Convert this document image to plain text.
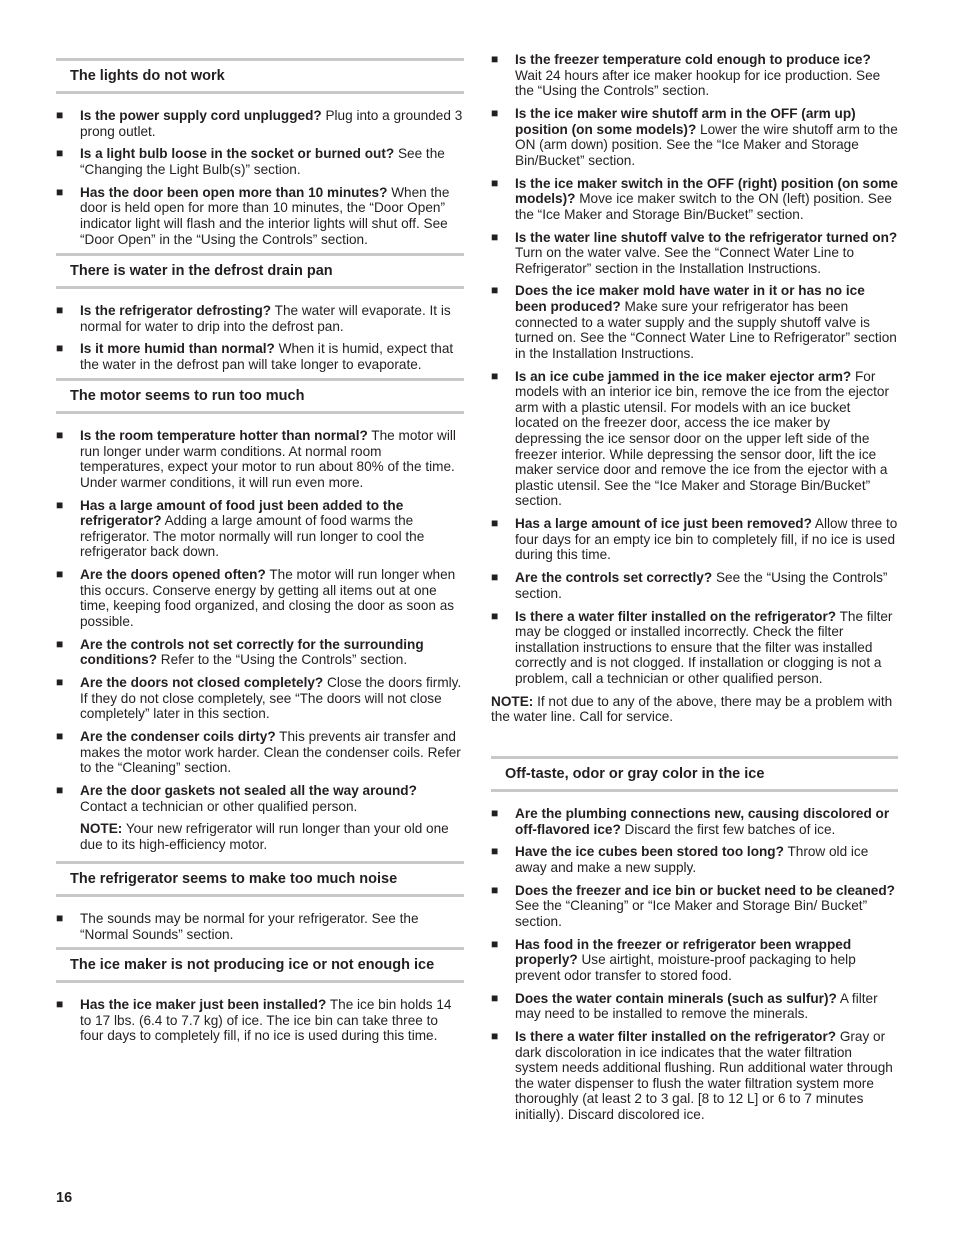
The lights do not work
■	Is the power supply cord unplugged? Plug into a grounded 3 prong outlet.
■	Is a light bulb loose in the socket or burned out? See the “Changing the Light Bulb(s)” section.
■	Has the door been open more than 10 minutes? When the door is held open for more than 10 minutes, the “Door Open” indicator light will flash and the interior lights will shut off. See “Door Open” in the “Using the Controls” section.
There is water in the defrost drain pan
■	Is the refrigerator defrosting? The water will evaporate. It is normal for water to drip into the defrost pan.
■	Is it more humid than normal? When it is humid, expect that the water in the defrost pan will take longer to evaporate.
The motor seems to run too much
■	Is the room temperature hotter than normal? The motor will run longer under warm conditions. At normal room temperatures, expect your motor to run about 80% of the time. Under warmer conditions, it will run even more.
■	Has a large amount of food just been added to the refrigerator? Adding a large amount of food warms the refrigerator. The motor normally will run longer to cool the refrigerator back down.
■	Are the doors opened often? The motor will run longer when this occurs. Conserve energy by getting all items out at one time, keeping food organized, and closing the door as soon as possible.
■	Are the controls not set correctly for the surrounding conditions? Refer to the “Using the Controls” section.
■	Are the doors not closed completely? Close the doors firmly. If they do not close completely, see “The doors will not close completely” later in this section.
■	Are the condenser coils dirty? This prevents air transfer and makes the motor work harder. Clean the condenser coils. Refer to the “Cleaning” section.
■	Are the door gaskets not sealed all the way around? Contact a technician or other qualified person.
NOTE: Your new refrigerator will run longer than your old one due to its high-efficiency motor.
The refrigerator seems to make too much noise
■	The sounds may be normal for your refrigerator. See the “Normal Sounds” section.
The ice maker is not producing ice or not enough ice
■	Has the ice maker just been installed? The ice bin holds 14 to 17 lbs. (6.4 to 7.7 kg) of ice. The ice bin can take three to four days to completely fill, if no ice is used during this time.
■	Is the freezer temperature cold enough to produce ice? Wait 24 hours after ice maker hookup for ice production. See the “Using the Controls” section.
■	Is the ice maker wire shutoff arm in the OFF (arm up) position (on some models)? Lower the wire shutoff arm to the ON (arm down) position. See the “Ice Maker and Storage Bin/Bucket” section.
■	Is the ice maker switch in the OFF (right) position (on some models)? Move ice maker switch to the ON (left) position. See the “Ice Maker and Storage Bin/Bucket” section.
■	Is the water line shutoff valve to the refrigerator turned on? Turn on the water valve. See the “Connect Water Line to Refrigerator” section in the Installation Instructions.
■	Does the ice maker mold have water in it or has no ice been produced? Make sure your refrigerator has been connected to a water supply and the supply shutoff valve is turned on. See the “Connect Water Line to Refrigerator” section in the Installation Instructions.
■	Is an ice cube jammed in the ice maker ejector arm? For models with an interior ice bin, remove the ice from the ejector arm with a plastic utensil. For models with an ice bucket located on the freezer door, access the ice maker by depressing the ice sensor door on the upper left side of the freezer interior. While depressing the sensor door, lift the ice maker service door and remove the ice from the ejector with a plastic utensil. See the “Ice Maker and Storage Bin/Bucket” section.
■	Has a large amount of ice just been removed? Allow three to four days for an empty ice bin to completely fill, if no ice is used during this time.
■	Are the controls set correctly? See the “Using the Controls” section.
■	Is there a water filter installed on the refrigerator? The filter may be clogged or installed incorrectly. Check the filter installation instructions to ensure that the filter was installed correctly and is not clogged. If installation or clogging is not a problem, call a technician or other qualified person.
NOTE: If not due to any of the above, there may be a problem with the water line. Call for service.
Off-taste, odor or gray color in the ice
■	Are the plumbing connections new, causing discolored or off-flavored ice? Discard the first few batches of ice.
■	Have the ice cubes been stored too long? Throw old ice away and make a new supply.
■	Does the freezer and ice bin or bucket need to be cleaned? See the “Cleaning” or “Ice Maker and Storage Bin/ Bucket” section.
■	Has food in the freezer or refrigerator been wrapped properly? Use airtight, moisture-proof packaging to help prevent odor transfer to stored food.
■	Does the water contain minerals (such as sulfur)? A filter may need to be installed to remove the minerals.
■	Is there a water filter installed on the refrigerator? Gray or dark discoloration in ice indicates that the water filtration system needs additional flushing. Run additional water through the water dispenser to flush the water filtration system more thoroughly (at least 2 to 3 gal. [8 to 12 L] or 6 to 7 minutes initially). Discard discolored ice.
16
